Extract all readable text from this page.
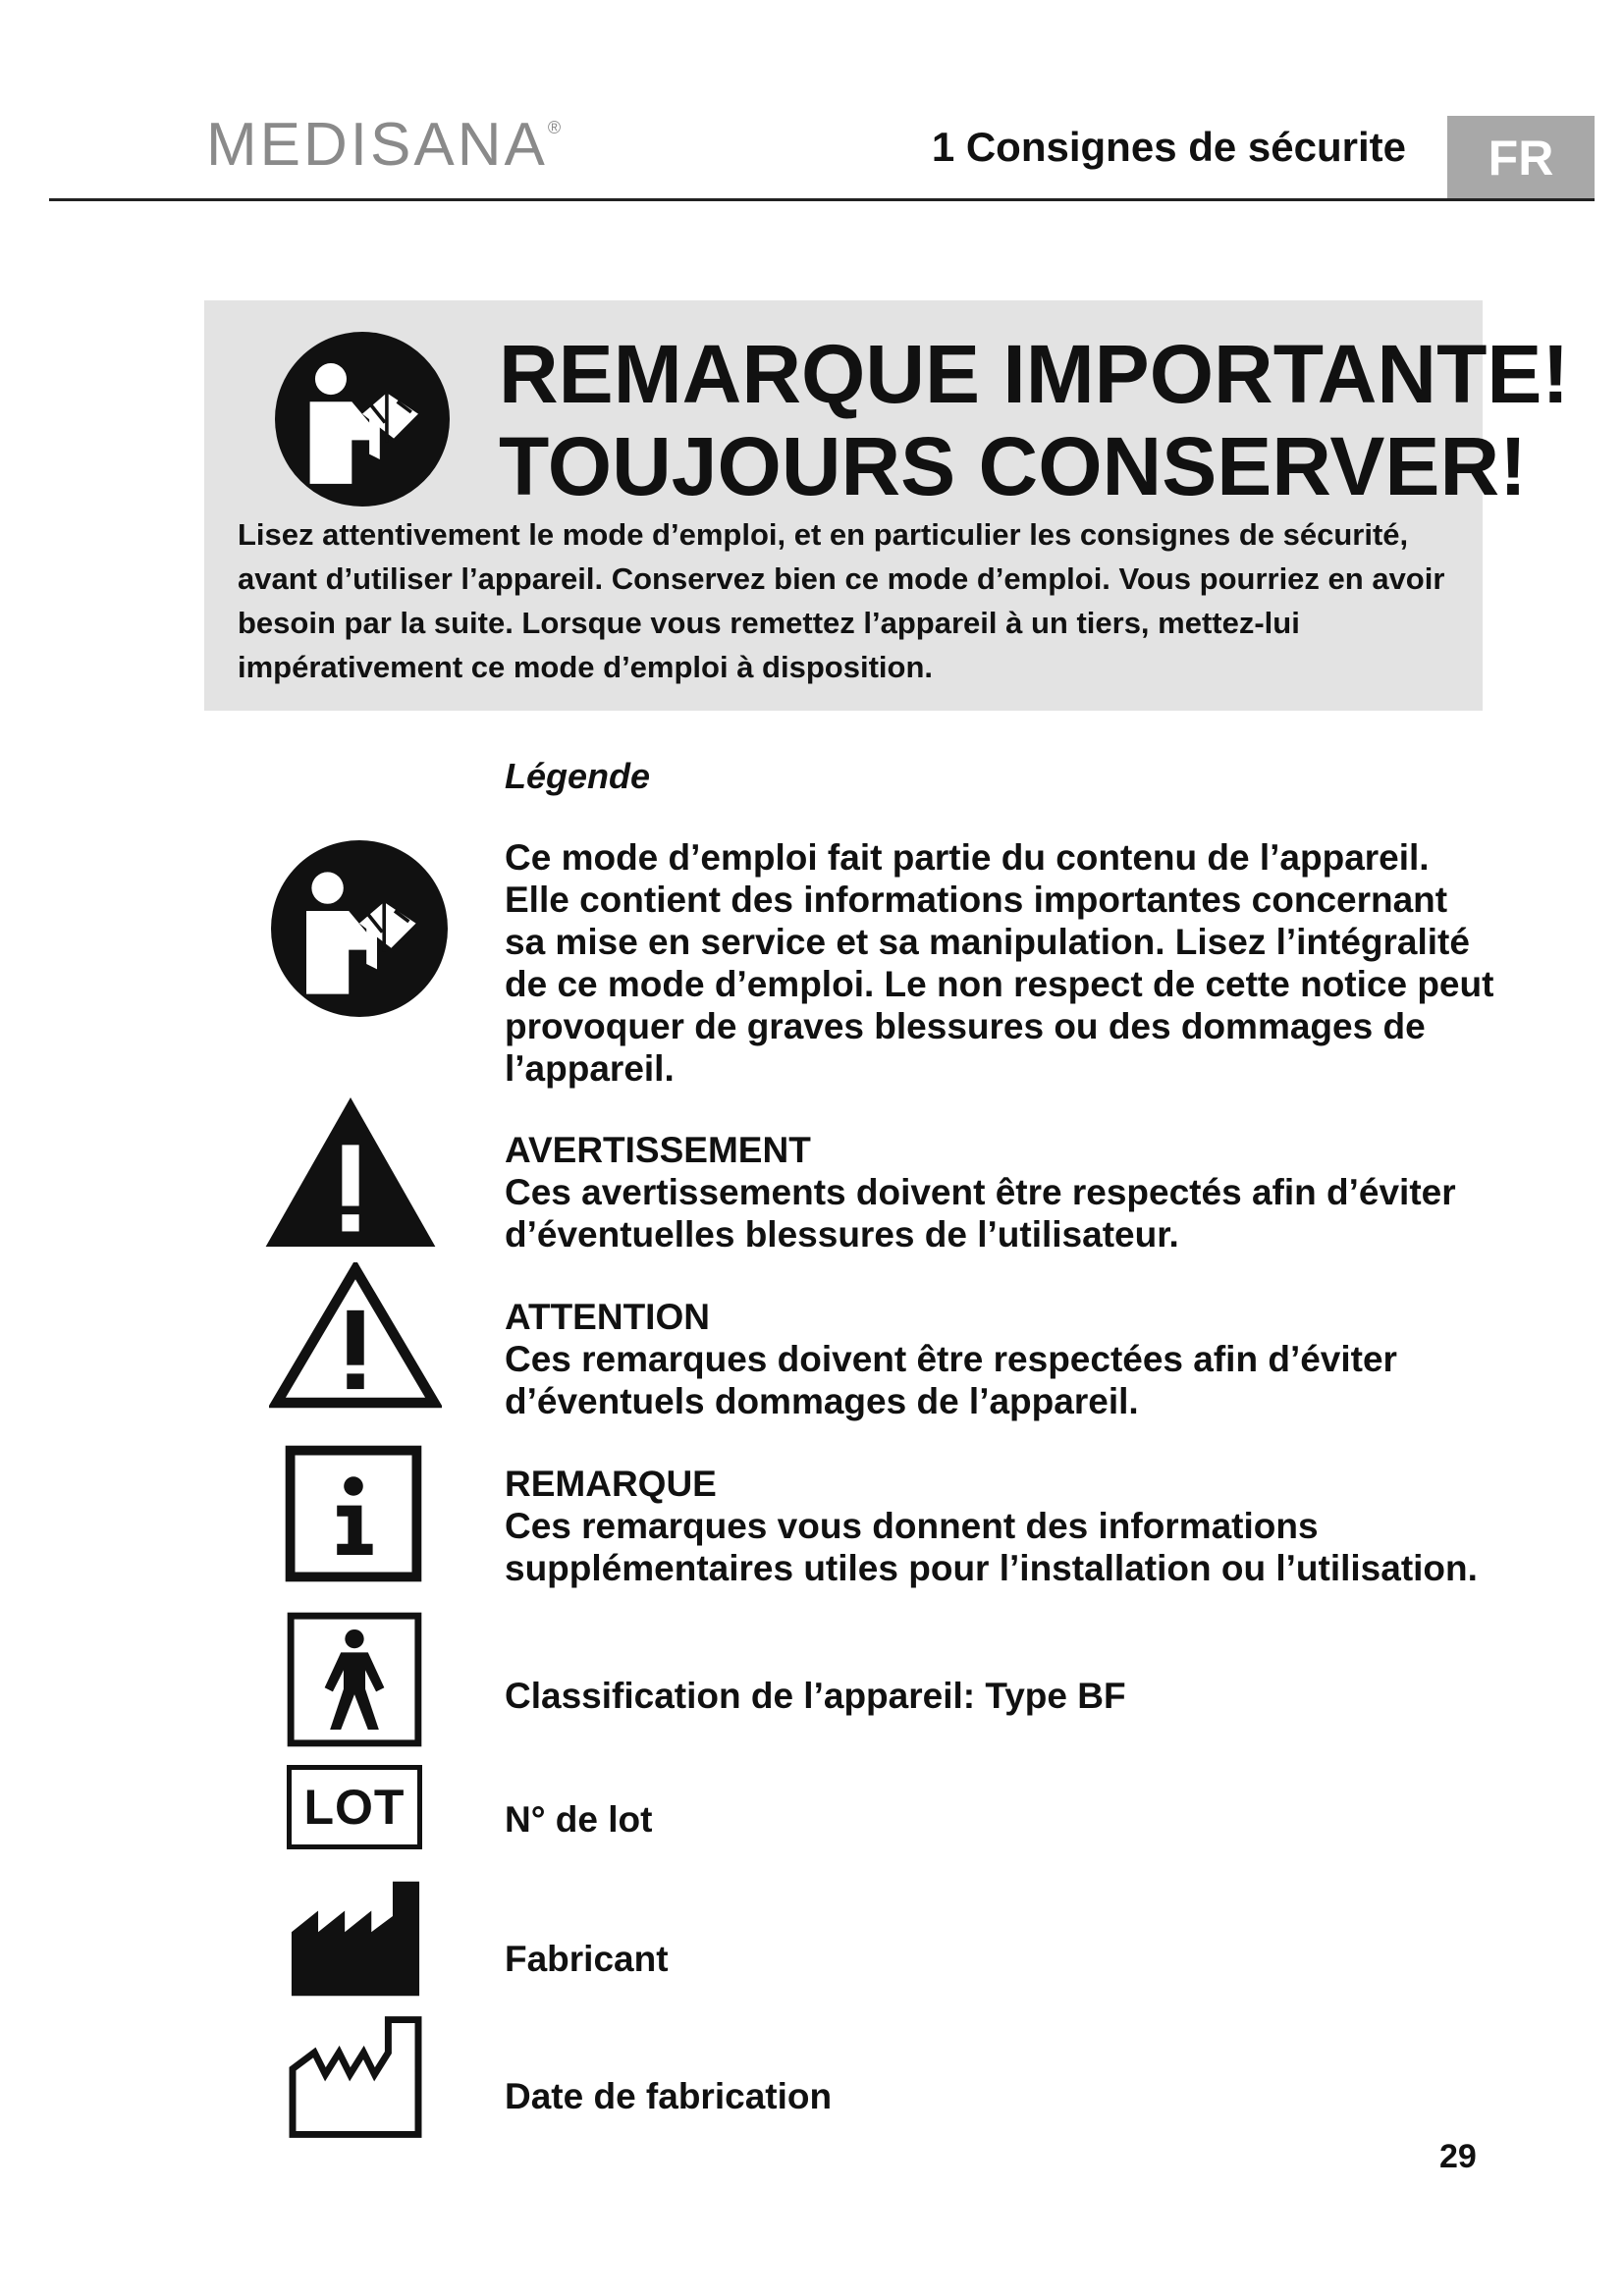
MEDISANA®	1 Consignes de sécurite	FR
REMARQUE IMPORTANTE!
TOUJOURS CONSERVER!
Lisez attentivement le mode d’emploi, et en particulier les consignes de sécurité, avant d’utiliser l’appareil. Conservez bien ce mode d’emploi. Vous pourriez en avoir besoin par la suite. Lorsque vous remettez l’appareil à un tiers, mettez-lui impérativement ce mode d’emploi à disposition.
Légende
Ce mode d’emploi fait partie du contenu de l’appareil. Elle contient des informations importantes concernant sa mise en service et sa manipulation. Lisez l’intégralité de ce mode d’emploi. Le non respect de cette notice peut provoquer de graves blessures ou des dommages de l’appareil.
AVERTISSEMENT
Ces avertissements doivent être respectés afin d’éviter d’éventuelles blessures de l’utilisateur.
ATTENTION
Ces remarques doivent être respectées afin d’éviter d’éventuels dommages de l’appareil.
REMARQUE
Ces remarques vous donnent des informations supplémentaires utiles pour l’installation ou l’utilisation.
Classification de l’appareil: Type BF
LOT	N° de lot
Fabricant
Date de fabrication
29
